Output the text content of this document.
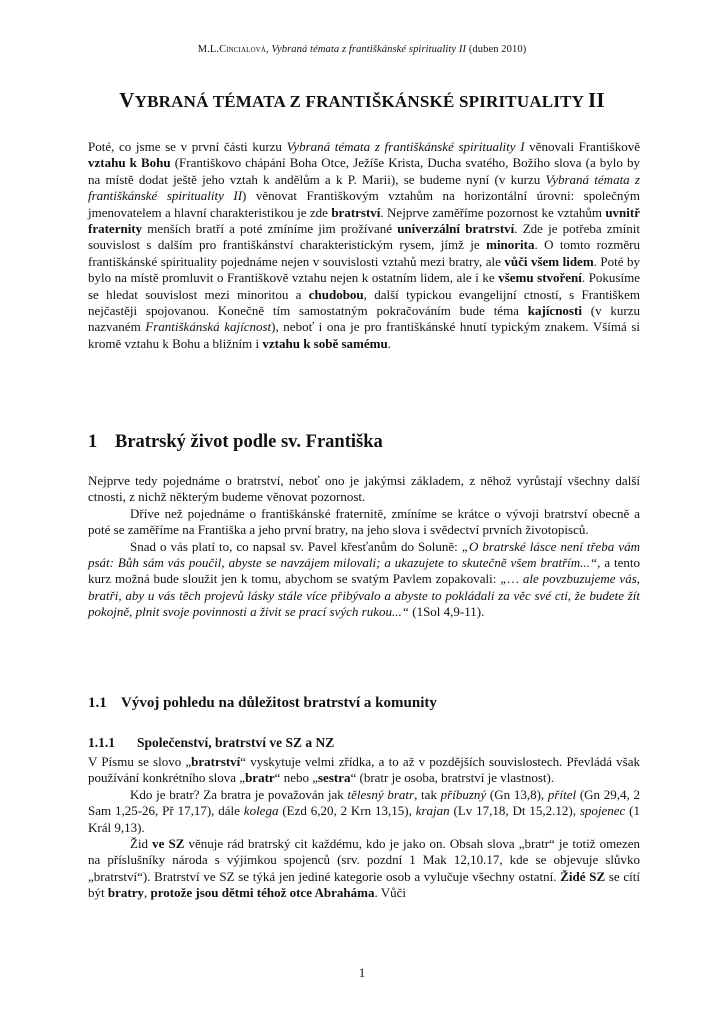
M.L.Cincialová, Vybraná témata z františkánské spirituality II (duben 2010)
VYBRANÁ TÉMATA Z FRANTIŠKÁNSKÉ SPIRITUALITY II

Poté, co jsme se v první části kurzu Vybraná témata z františkánské spirituality I věnovali Františkově vztahu k Bohu (Františkovo chápání Boha Otce, Ježíše Krista, Ducha svatého, Božího slova (a bylo by na místě dodat ještě jeho vztah k andělům a k P. Marii), se budeme nyní (v kurzu Vybraná témata z františkánské spirituality II) věnovat Františkovým vztahům na horizontální úrovni: společným jmenovatelem a hlavní charakteristikou je zde bratrství. Nejprve zaměříme pozornost ke vztahům uvnitř fraternity menších bratří a poté zmíníme jim prožívané univerzální bratrství. Zde je potřeba zmínit souvislost s dalším pro františkánství charakteristickým rysem, jímž je minorita. O tomto rozměru františkánské spirituality pojednáme nejen v souvislosti vztahů mezi bratry, ale vůči všem lidem. Poté by bylo na místě promluvit o Františkově vztahu nejen k ostatním lidem, ale i ke všemu stvoření. Pokusíme se hledat souvislost mezi minoritou a chudobou, další typickou evangelijní ctností, s Františkem nejčastěji spojovanou. Konečně tím samostatným pokračováním bude téma kajícnosti (v kurzu nazvaném Františkánská kajícnost), neboť i ona je pro františkánské hnutí typickým znakem. Všímá si kromě vztahu k Bohu a bližním i vztahu k sobě samému.

1 Bratrský život podle sv. Františka

Nejprve tedy pojednáme o bratrství, neboť ono je jakýmsi základem, z něhož vyrůstají všechny další ctnosti, z nichž některým budeme věnovat pozornost.

Dříve než pojednáme o františkánské fraternitě, zmíníme se krátce o vývoji bratrství obecně a poté se zaměříme na Františka a jeho první bratry, na jeho slova i svědectví prvních životopisců.

Snad o vás platí to, co napsal sv. Pavel křesťanům do Soluně: „O bratrské lásce není třeba vám psát: Bůh sám vás poučil, abyste se navzájem milovali; a ukazujete to skutečně všem bratřím...“, a tento kurz možná bude sloužit jen k tomu, abychom se svatým Pavlem zopakovali: „… ale povzbuzujeme vás, bratři, aby u vás těch projevů lásky stále více přibývalo a abyste to pokládali za věc své cti, že budete žít pokojně, plnit svoje povinnosti a živit se prací svých rukou...“ (1Sol 4,9-11).

1.1 Vývoj pohledu na důležitost bratrství a komunity
1.1.1 Společenství, bratrství ve SZ a NZ

V Písmu se slovo „bratrství“ vyskytuje velmi zřídka, a to až v pozdějších souvislostech. Převládá však používání konkrétního slova „bratr“ nebo „sestra“ (bratr je osoba, bratrství je vlastnost).

Kdo je bratr? Za bratra je považován jak tělesný bratr, tak příbuzný (Gn 13,8), přítel (Gn 29,4, 2 Sam 1,25-26, Př 17,17), dále kolega (Ezd 6,20, 2 Krn 13,15), krajan (Lv 17,18, Dt 15,2.12), spojenec (1 Král 9,13).

Žid ve SZ věnuje rád bratrský cit každému, kdo je jako on. Obsah slova „bratr“ je totiž omezen na příslušníky národa s výjimkou spojenců (srv. pozdní 1 Mak 12,10.17, kde se objevuje slůvko „bratrství“). Bratrství ve SZ se týká jen jediné kategorie osob a vylučuje všechny ostatní. Židé SZ se cítí být bratry, protože jsou dětmi téhož otce Abraháma. Vůči

1
